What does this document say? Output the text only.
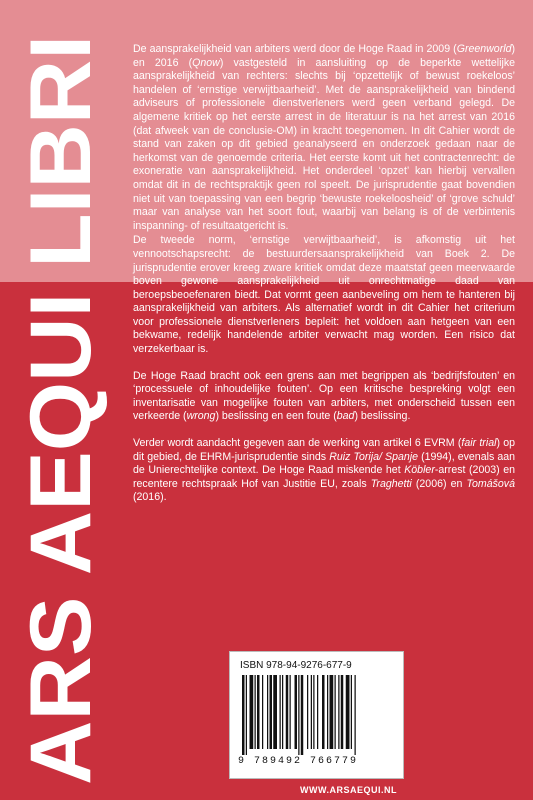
ARS AEQUI LIBRI

De aansprakelijkheid van arbiters werd door de Hoge Raad in 2009 (Greenworld) en 2016 (Qnow) vastgesteld in aansluiting op de beperkte wettelijke aansprakelijkheid van rechters: slechts bij ‘opzettelijk of bewust roekeloos’ handelen of ‘ernstige verwijtbaarheid’. Met de aansprakelijkheid van bindend adviseurs of professionele dienstverleners werd geen verband gelegd. De algemene kritiek op het eerste arrest in de literatuur is na het arrest van 2016 (dat afweek van de conclusie-OM) in kracht toegenomen. In dit Cahier wordt de stand van zaken op dit gebied geanalyseerd en onderzoek gedaan naar de herkomst van de genoemde criteria. Het eerste komt uit het contractenrecht: de exoneratie van aansprakelijkheid. Het onderdeel ‘opzet’ kan hierbij vervallen omdat dit in de rechtspraktijk geen rol speelt. De jurisprudentie gaat bovendien niet uit van toepassing van een begrip ‘bewuste roekeloosheid’ of ‘grove schuld’ maar van analyse van het soort fout, waarbij van belang is of de verbintenis inspanning- of resultaatgericht is.

De tweede norm, ‘ernstige verwijtbaarheid’, is afkomstig uit het vennootschapsrecht: de bestuurdersaansprakelijkheid van Boek 2. De jurisprudentie erover kreeg zware kritiek omdat deze maatstaf geen meerwaarde boven gewone aansprakelijkheid uit onrechtmatige daad van beroepsbeoefenaren biedt. Dat vormt geen aanbeveling om hem te hanteren bij aansprakelijkheid van arbiters. Als alternatief wordt in dit Cahier het criterium voor professionele dienstverleners bepleit: het voldoen aan hetgeen van een bekwame, redelijk handelende arbiter verwacht mag worden. Een risico dat verzekerbaar is.

De Hoge Raad bracht ook een grens aan met begrippen als ‘bedrijfsfouten’ en ‘processuele of inhoudelijke fouten’. Op een kritische bespreking volgt een inventarisatie van mogelijke fouten van arbiters, met onderscheid tussen een verkeerde (wrong) beslissing en een foute (bad) beslissing.

Verder wordt aandacht gegeven aan de werking van artikel 6 EVRM (fair trial) op dit gebied, de EHRM-jurisprudentie sinds Ruiz Torija/ Spanje (1994), evenals aan de Unierechtelijke context. De Hoge Raad miskende het Köbler-arrest (2003) en recentere rechtspraak Hof van Justitie EU, zoals Traghetti (2006) en Tomášová (2016).

ISBN 978-94-9276-677-9
9 789492 766779
WWW.ARSAEQUI.NL
